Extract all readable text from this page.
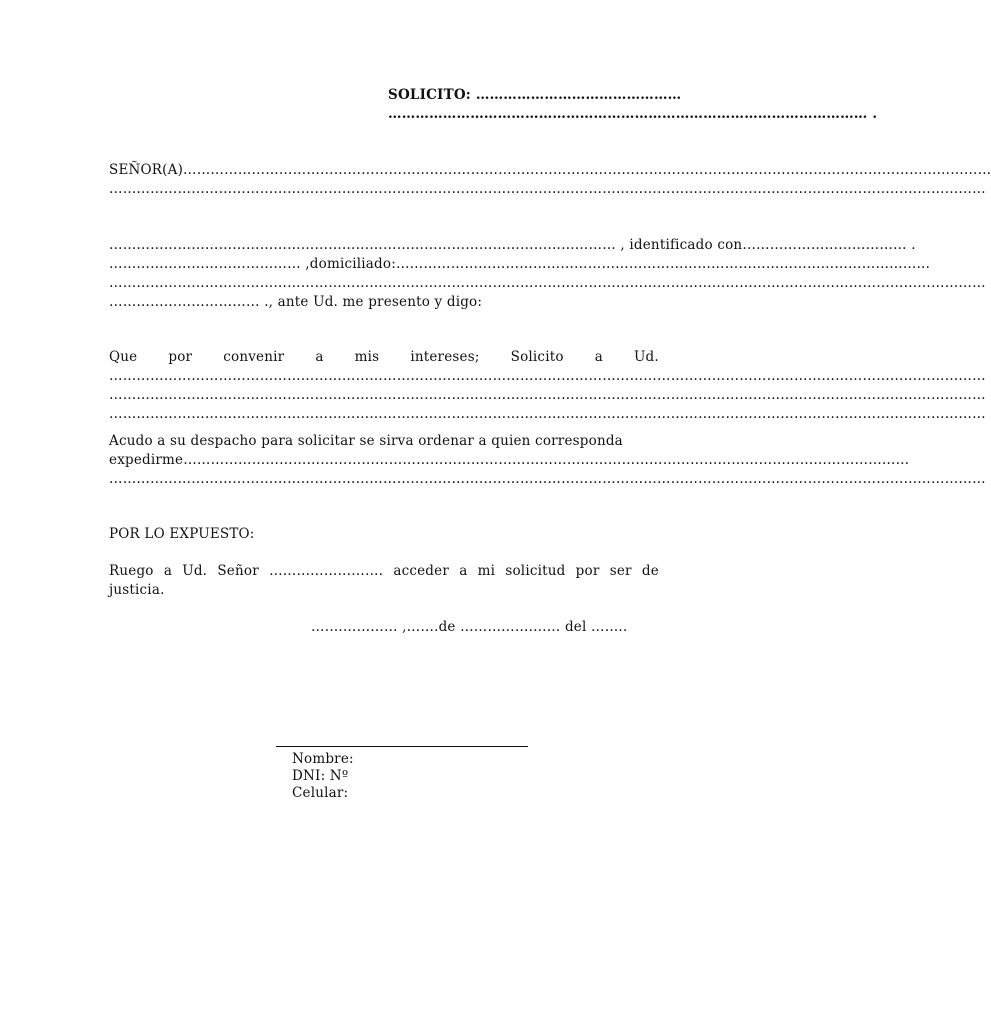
SOLICITO: ………………………………………
…………………………………………………………………………………………… .
SEÑOR(A)……………………………………………………………………………………………………………………………………………………………
…………………………………………………………………………………………………………………………………………………………………………
………………………………………………………………………………………………… , identificado con……………………………… .
…………………………………… ,domiciliado:………………………………………………………………………………………………………
…………………………………………………………………………………………………………………………………………………………………………
…………………………… ., ante Ud. me presento y digo:
Que por convenir a mis intereses; Solicito a Ud.
…………………………………………………………………………………………………………………………………………………………………………
…………………………………………………………………………………………………………………………………………………………………………
…………………………………………………………………………………………………………………………………………………………………………
Acudo a su despacho para solicitar se sirva ordenar a quien corresponda
expedirme……………………………………………………………………………………………………………………………………………
…………………………………………………………………………………………………………………………………………………………………………
POR LO EXPUESTO:
Ruego a Ud. Señor ……………………. acceder a mi solicitud por ser de
justicia.
….…………… ,…….de …………….…… del ……..
Nombre:
DNI: Nº
Celular:
